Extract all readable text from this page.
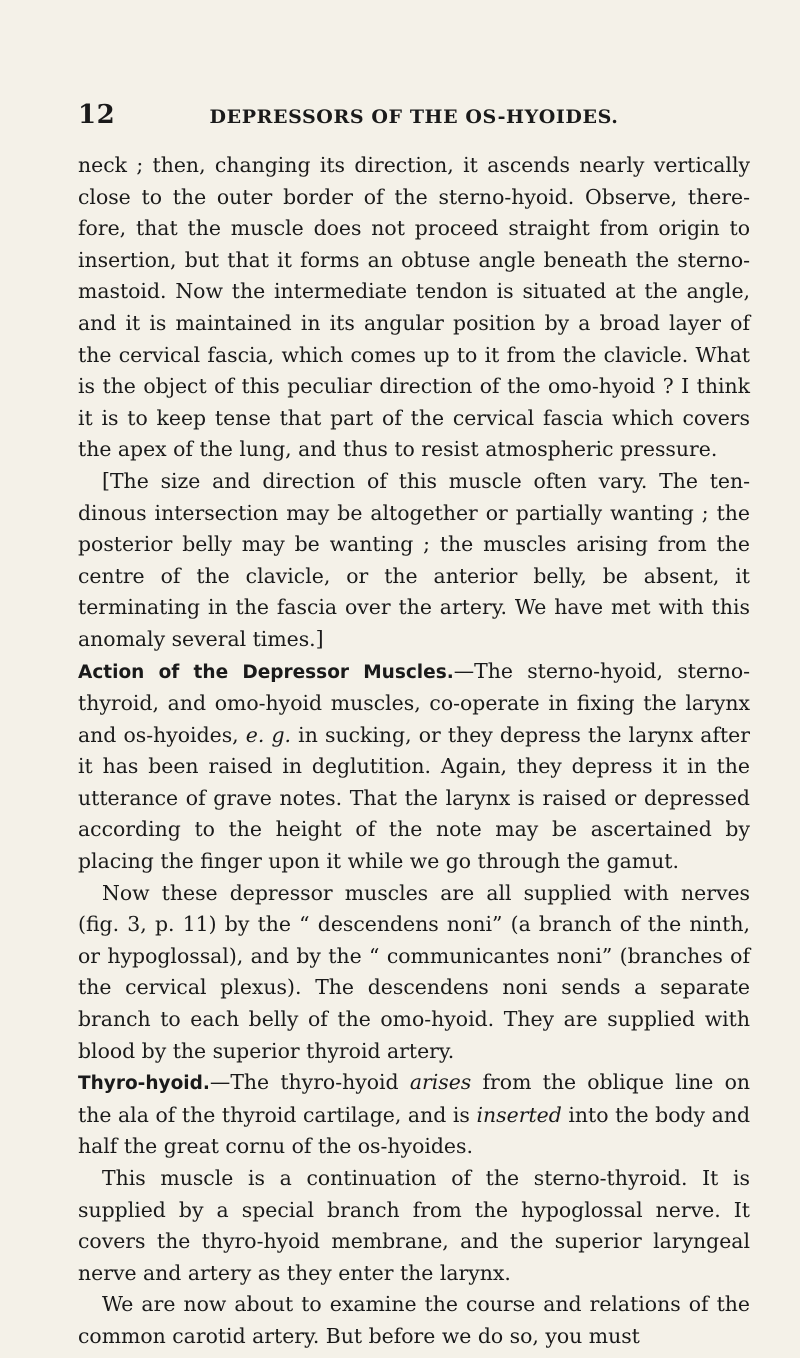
12	DEPRESSORS OF THE OS-HYOIDES.

neck ; then, changing its direction, it ascends nearly vertically close to the outer border of the sterno-hyoid. Observe, therefore, that the muscle does not proceed straight from origin to insertion, but that it forms an obtuse angle beneath the sterno-mastoid. Now the intermediate tendon is situated at the angle, and it is maintained in its angular position by a broad layer of the cervical fascia, which comes up to it from the clavicle. What is the object of this peculiar direction of the omo-hyoid ? I think it is to keep tense that part of the cervical fascia which covers the apex of the lung, and thus to resist atmospheric pressure.

[The size and direction of this muscle often vary. The tendinous intersection may be altogether or partially wanting ; the posterior belly may be wanting ; the muscles arising from the centre of the clavicle, or the anterior belly, be absent, it terminating in the fascia over the artery. We have met with this anomaly several times.]

Action of the Depressor Muscles.—The sterno-hyoid, sterno-thyroid, and omo-hyoid muscles, co-operate in fixing the larynx and os-hyoides, e. g. in sucking, or they depress the larynx after it has been raised in deglutition. Again, they depress it in the utterance of grave notes. That the larynx is raised or depressed according to the height of the note may be ascertained by placing the finger upon it while we go through the gamut.

Now these depressor muscles are all supplied with nerves (fig. 3, p. 11) by the “ descendens noni” (a branch of the ninth, or hypoglossal), and by the “ communicantes noni” (branches of the cervical plexus). The descendens noni sends a separate branch to each belly of the omo-hyoid. They are supplied with blood by the superior thyroid artery.

Thyro-hyoid.—The thyro-hyoid arises from the oblique line on the ala of the thyroid cartilage, and is inserted into the body and half the great cornu of the os-hyoides.

This muscle is a continuation of the sterno-thyroid. It is supplied by a special branch from the hypoglossal nerve. It covers the thyro-hyoid membrane, and the superior laryngeal nerve and artery as they enter the larynx.

We are now about to examine the course and relations of the common carotid artery. But before we do so, you must
